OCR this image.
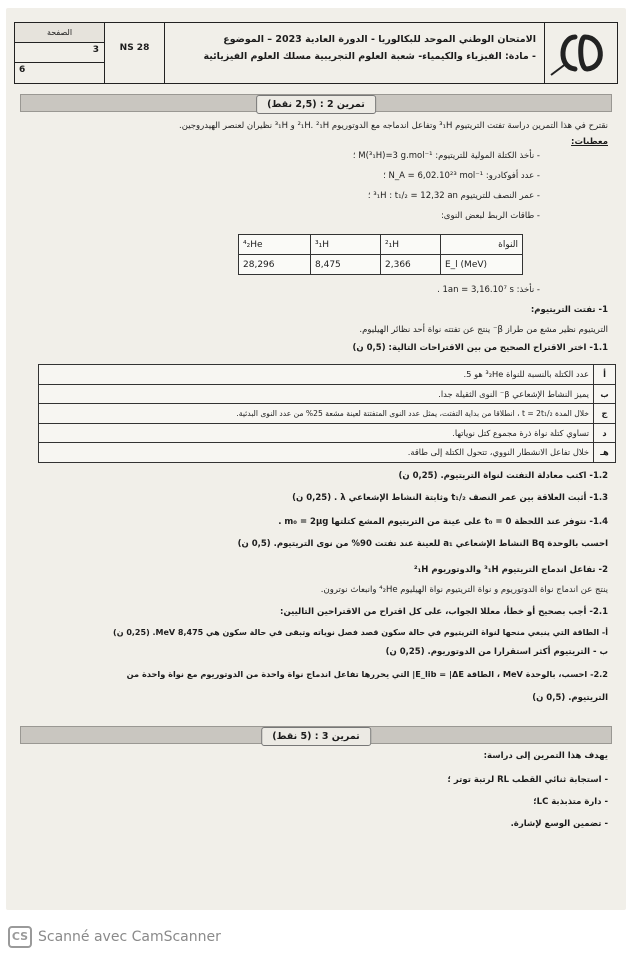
الصفحة
3
6
NS 28
الامتحان الوطني الموحد للبكالوريا - الدورة العادية 2023 – الموضوع
- مادة: الفيزياء والكيمياء- شعبة العلوم التجريبية مسلك العلوم الفيزيائية
تمرين 2 : (2,5 نقط)
نقترح في هذا التمرين دراسة تفتت التريتيوم ³₁H وتفاعل اندماجه مع الدوتوريوم ²₁H. ²₁H و ³₁H نظيران لعنصر الهيدروجين.
معطيات:
- نأخذ الكتلة المولية للتريتيوم: M(³₁H)=3 g.mol⁻¹ ؛
- عدد أفوكادرو: N_A = 6,02.10²³ mol⁻¹ ؛
- عمر النصف للتريتيوم ³₁H : t₁/₂ = 12,32 an ؛
- طاقات الربط لبعض النوى:
⁴₂He	³₁H	²₁H	النواة
28,296	8,475	2,366	E_l (MeV)
- نأخذ: 1an = 3,16.10⁷ s .
1- تفتت التريتيوم:
التريتيوم نظير مشع من طراز β⁻ ينتج عن تفتته نواة أحد نظائر الهيليوم.
1.1- اختر الاقتراح الصحيح من بين الاقتراحات التالية: (0,5 ن)
عدد الكتلة بالنسبة للنواة ³₂He هو 5.	أ
يميز النشاط الإشعاعي β⁻ النوى الثقيلة جدا.	ب
خلال المدة t = 2t₁/₂ ، انطلاقا من بداية التفتت، يمثل عدد النوى المتفتتة لعينة مشعة 25% من عدد النوى البدئية.	ج
تساوي كتلة نواة ذرة مجموع كتل نوياتها.	د
خلال تفاعل الانشطار النووي، تتحول الكتلة إلى طاقة.	هـ
1.2- اكتب معادلة التفتت لنواة التريتيوم. (0,25 ن)
1.3- أثبت العلاقة بين عمر النصف t₁/₂ وثابتة النشاط الإشعاعي λ . (0,25 ن)
1.4- نتوفر عند اللحظة t₀ = 0 على عينة من التريتيوم المشع كتلتها m₀ = 2µg .
احسب بالوحدة Bq النشاط الإشعاعي a₁ للعينة عند تفتت 90% من نوى التريتيوم. (0,5 ن)
2- تفاعل اندماج التريتيوم ³₁H والدوتوريوم ²₁H
ينتج عن اندماج نواة الدوتوريوم و نواة التريتيوم نواة الهيليوم ⁴₂He وانبعاث نوترون.
2.1- أجب بصحيح أو خطأ، معللا الجواب، على كل اقتراح من الاقتراحين التاليين:
أ- الطاقة التي ينبغي منحها لنواة التريتيوم في حالة سكون قصد فصل نوياته وتبقى في حالة سكون هي 8,475 MeV. (0,25 ن)
ب - التريتيوم أكثر استقرارا من الدوتوريوم. (0,25 ن)
2.2- احسب، بالوحدة MeV ، الطاقة E_lib = |ΔE| التي يحررها تفاعل اندماج نواة واحدة من الدوتوريوم مع نواة واحدة من
التريتيوم. (0,5 ن)
تمرين 3 : (5 نقط)
يهدف هذا التمرين إلى دراسة:
- استجابة ثنائي القطب RL لرتبة توتر ؛
- دارة متذبذبة LC؛
- تضمين الوسع لإشارة.
CS Scanné avec CamScanner
